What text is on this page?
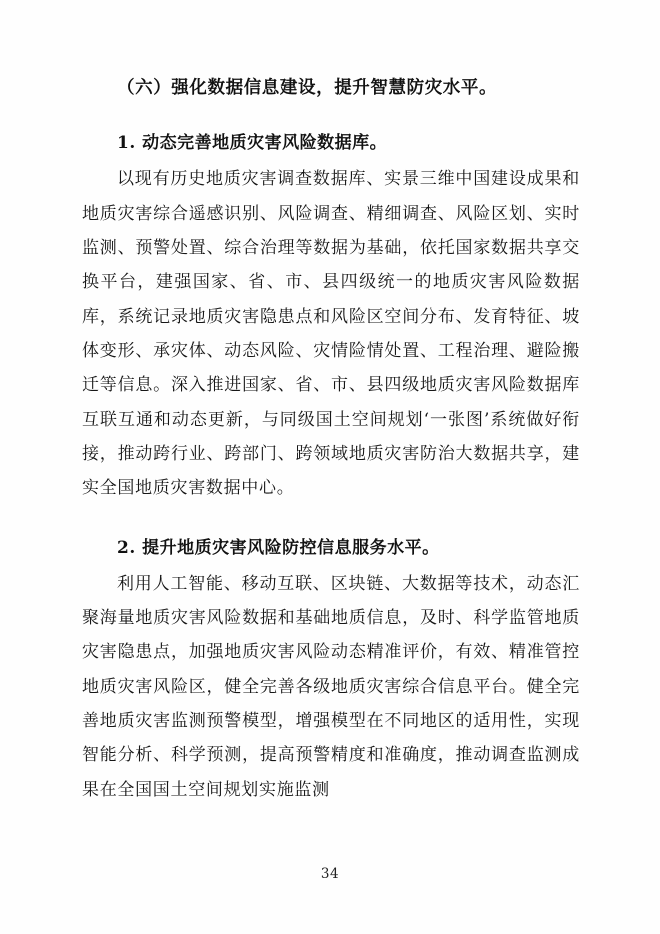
（六）强化数据信息建设，提升智慧防灾水平。

1. 动态完善地质灾害风险数据库。

以现有历史地质灾害调查数据库、实景三维中国建设成果和地质灾害综合遥感识别、风险调查、精细调查、风险区划、实时监测、预警处置、综合治理等数据为基础，依托国家数据共享交换平台，建强国家、省、市、县四级统一的地质灾害风险数据库，系统记录地质灾害隐患点和风险区空间分布、发育特征、坡体变形、承灾体、动态风险、灾情险情处置、工程治理、避险搬迁等信息。深入推进国家、省、市、县四级地质灾害风险数据库互联互通和动态更新，与同级国土空间规划‘一张图’系统做好衔接，推动跨行业、跨部门、跨领域地质灾害防治大数据共享，建实全国地质灾害数据中心。

2. 提升地质灾害风险防控信息服务水平。

利用人工智能、移动互联、区块链、大数据等技术，动态汇聚海量地质灾害风险数据和基础地质信息，及时、科学监管地质灾害隐患点，加强地质灾害风险动态精准评价，有效、精准管控地质灾害风险区，健全完善各级地质灾害综合信息平台。健全完善地质灾害监测预警模型，增强模型在不同地区的适用性，实现智能分析、科学预测，提高预警精度和准确度，推动调查监测成果在全国国土空间规划实施监测

34
